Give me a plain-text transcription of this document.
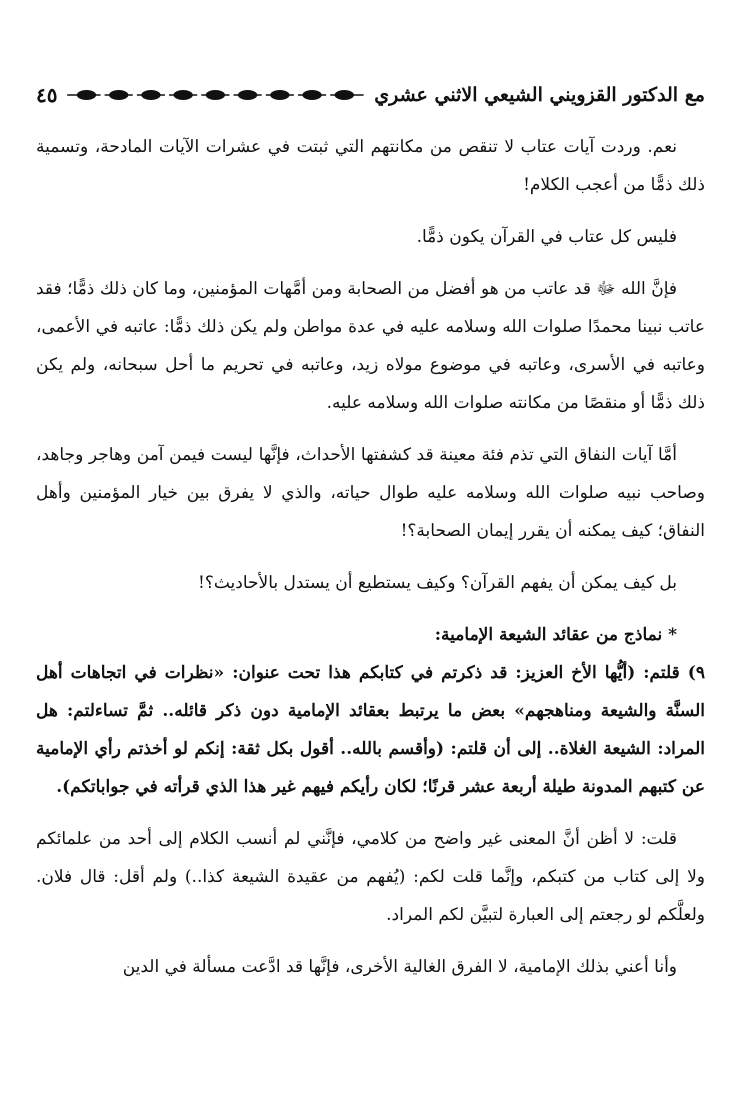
مع الدكتور القزويني الشيعي الاثني عشري
٤٥

نعم. وردت آيات عتاب لا تنقص من مكانتهم التي ثبتت في عشرات الآيات المادحة، وتسمية ذلك ذمًّا من أعجب الكلام!

فليس كل عتاب في القرآن يكون ذمًّا.

فإنَّ الله ﷻ قد عاتب من هو أفضل من الصحابة ومن أمَّهات المؤمنين، وما كان ذلك ذمًّا؛ فقد عاتب نبينا محمدًا صلوات الله وسلامه عليه في عدة مواطن ولم يكن ذلك ذمًّا: عاتبه في الأعمى، وعاتبه في الأسرى، وعاتبه في موضوع مولاه زيد، وعاتبه في تحريم ما أحل سبحانه، ولم يكن ذلك ذمًّا أو منقصًا من مكانته صلوات الله وسلامه عليه.

أمَّا آيات النفاق التي تذم فئة معينة قد كشفتها الأحداث، فإنَّها ليست فيمن آمن وهاجر وجاهد، وصاحب نبيه صلوات الله وسلامه عليه طوال حياته، والذي لا يفرق بين خيار المؤمنين وأهل النفاق؛ كيف يمكنه أن يقرر إيمان الصحابة؟!

بل كيف يمكن أن يفهم القرآن؟ وكيف يستطيع أن يستدل بالأحاديث؟!

* نماذج من عقائد الشيعة الإمامية:

٩) قلتم: (أيُّها الأخ العزيز: قد ذكرتم في كتابكم هذا تحت عنوان: «نظرات في اتجاهات أهل السنَّة والشيعة ومناهجهم» بعض ما يرتبط بعقائد الإمامية دون ذكر قائله.. ثمَّ تساءلتم: هل المراد: الشيعة الغلاة.. إلى أن قلتم: (وأقسم بالله.. أقول بكل ثقة: إنكم لو أخذتم رأي الإمامية عن كتبهم المدونة طيلة أربعة عشر قرنًا؛ لكان رأيكم فيهم غير هذا الذي قرأته في جواباتكم).

قلت: لا أظن أنَّ المعنى غير واضح من كلامي، فإنَّني لم أنسب الكلام إلى أحد من علمائكم ولا إلى كتاب من كتبكم، وإنَّما قلت لكم: (يُفهم من عقيدة الشيعة كذا..) ولم أقل: قال فلان. ولعلَّكم لو رجعتم إلى العبارة لتبيَّن لكم المراد.

وأنا أعني بذلك الإمامية، لا الفرق الغالية الأخرى، فإنَّها قد ادَّعت مسألة في الدين
